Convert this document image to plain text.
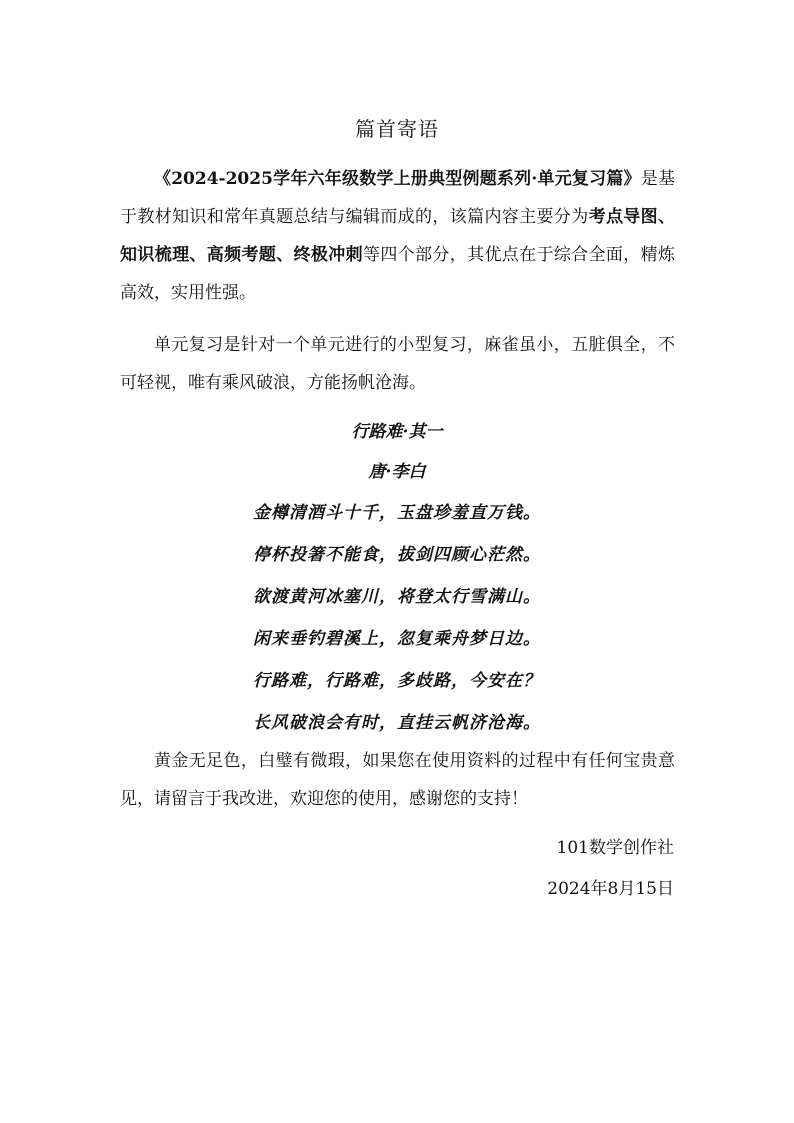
篇首寄语
《2024-2025学年六年级数学上册典型例题系列·单元复习篇》是基于教材知识和常年真题总结与编辑而成的，该篇内容主要分为考点导图、知识梳理、高频考题、终极冲刺等四个部分，其优点在于综合全面，精炼高效，实用性强。
单元复习是针对一个单元进行的小型复习，麻雀虽小，五脏俱全，不可轻视，唯有乘风破浪，方能扬帆沧海。
行路难·其一
唐·李白
金樽清酒斗十千，玉盘珍羞直万钱。
停杯投箸不能食，拔剑四顾心茫然。
欲渡黄河冰塞川，将登太行雪满山。
闲来垂钓碧溪上，忽复乘舟梦日边。
行路难，行路难，多歧路，今安在？
长风破浪会有时，直挂云帆济沧海。
黄金无足色，白璧有微瑕，如果您在使用资料的过程中有任何宝贵意见，请留言于我改进，欢迎您的使用，感谢您的支持！
101数学创作社
2024年8月15日
